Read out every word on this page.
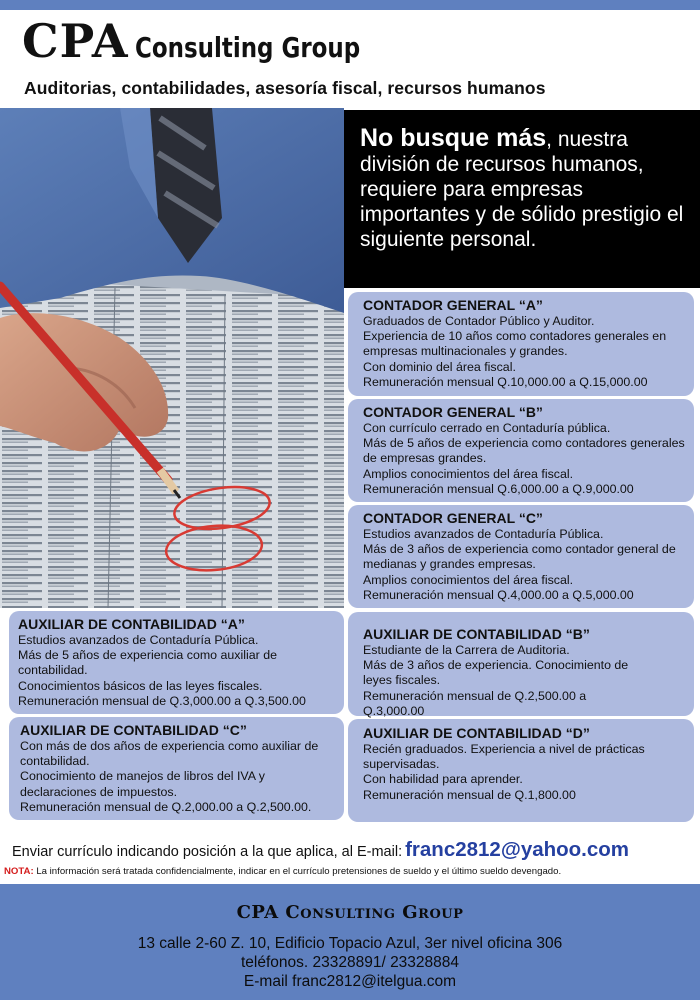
CPA Consulting Group
Auditorias, contabilidades, asesoría fiscal, recursos humanos
No busque más, nuestra división de recursos humanos, requiere para empresas importantes y de sólido prestigio el siguiente personal.
CONTADOR GENERAL “A”

Graduados de Contador Público y Auditor.

Experiencia de 10 años como contadores generales en empresas multinacionales y grandes.

Con dominio del área fiscal.

Remuneración mensual Q.10,000.00 a Q.15,000.00

CONTADOR GENERAL “B”

Con currículo cerrado en Contaduría pública.

Más de 5 años de experiencia como contadores generales de empresas grandes.

Amplios conocimientos del área fiscal.

Remuneración mensual Q.6,000.00 a Q.9,000.00

CONTADOR GENERAL “C”

Estudios avanzados de Contaduría Pública.

Más de 3 años de experiencia como contador general de medianas y grandes empresas.

Amplios conocimientos del área fiscal.

Remuneración mensual Q.4,000.00 a Q.5,000.00

AUXILIAR DE CONTABILIDAD “A”

Estudios avanzados de Contaduría Pública.

Más de 5 años de experiencia como auxiliar de contabilidad.

Conocimientos básicos de las leyes fiscales.

Remuneración mensual de Q.3,000.00 a Q.3,500.00

AUXILIAR DE CONTABILIDAD “C”

Con más de dos años de experiencia como auxiliar de contabilidad.

Conocimiento de manejos de libros del IVA y declaraciones de impuestos.

Remuneración mensual de Q.2,000.00 a Q.2,500.00.

AUXILIAR DE CONTABILIDAD “B”

Estudiante de la Carrera de Auditoria.

Más de 3 años de experiencia. Conocimiento de leyes fiscales.

Remuneración mensual de Q.2,500.00 a Q.3,000.00

AUXILIAR DE CONTABILIDAD “D”

Recién graduados. Experiencia a nivel de prácticas supervisadas.

Con habilidad para aprender.

Remuneración mensual de Q.1,800.00

Enviar currículo indicando posición a la que aplica, al E-mail: franc2812@yahoo.com
NOTA: La información será tratada confidencialmente, indicar en el currículo pretensiones de sueldo y el último sueldo devengado.
CPA Consulting Group
13 calle 2-60 Z. 10, Edificio Topacio Azul, 3er nivel oficina 306
teléfonos. 23328891/ 23328884
E-mail franc2812@itelgua.com
